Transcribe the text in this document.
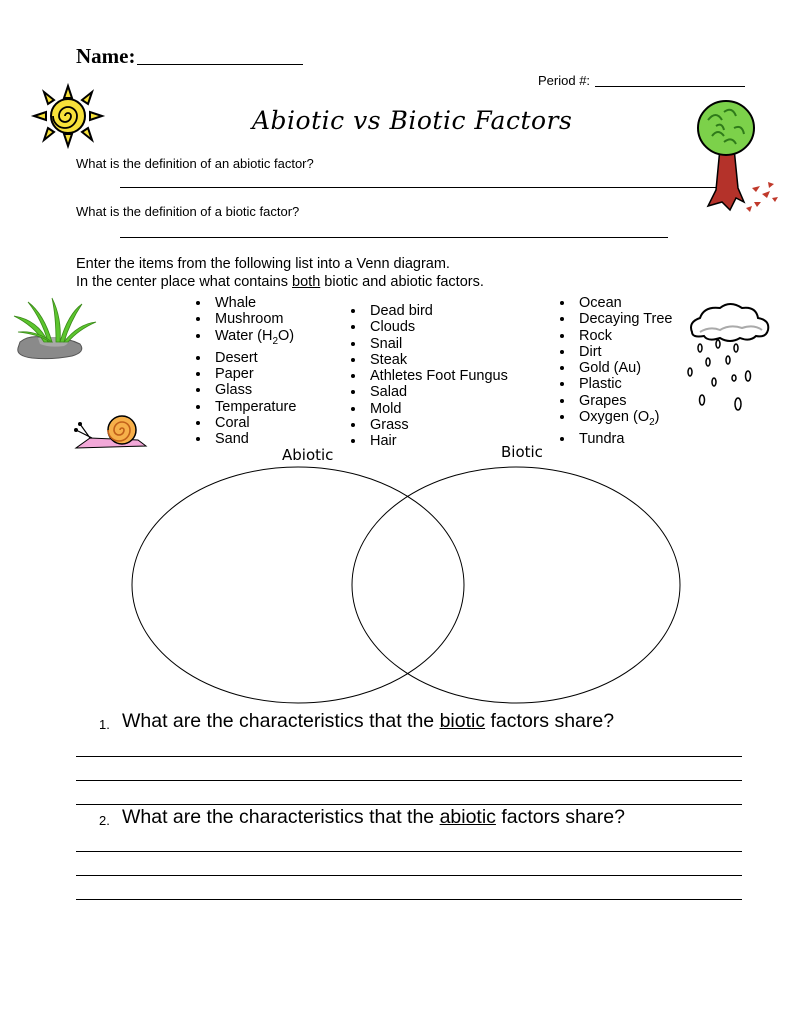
Name:
Period #:
Abiotic vs Biotic Factors
What is the definition of an abiotic factor?
What is the definition of a biotic factor?
Enter the items from the following list into a Venn diagram.
In the center place what contains both biotic and abiotic factors.
• Whale
• Mushroom
• Water $(H_2O)$
• Desert
• Paper
• Glass
• Temperature
• Coral
• Sand
• Dead bird
• Clouds
• Snail
• Steak
• Athletes Foot Fungus
• Salad
• Mold
• Grass
• Hair
• Ocean
• Decaying Tree
• Rock
• Dirt
• Gold (Au)
• Plastic
• Grapes
• Oxygen $(O_2)$
• Tundra
Abiotic	Biotic
1. What are the characteristics that the biotic factors share?
2. What are the characteristics that the abiotic factors share?
